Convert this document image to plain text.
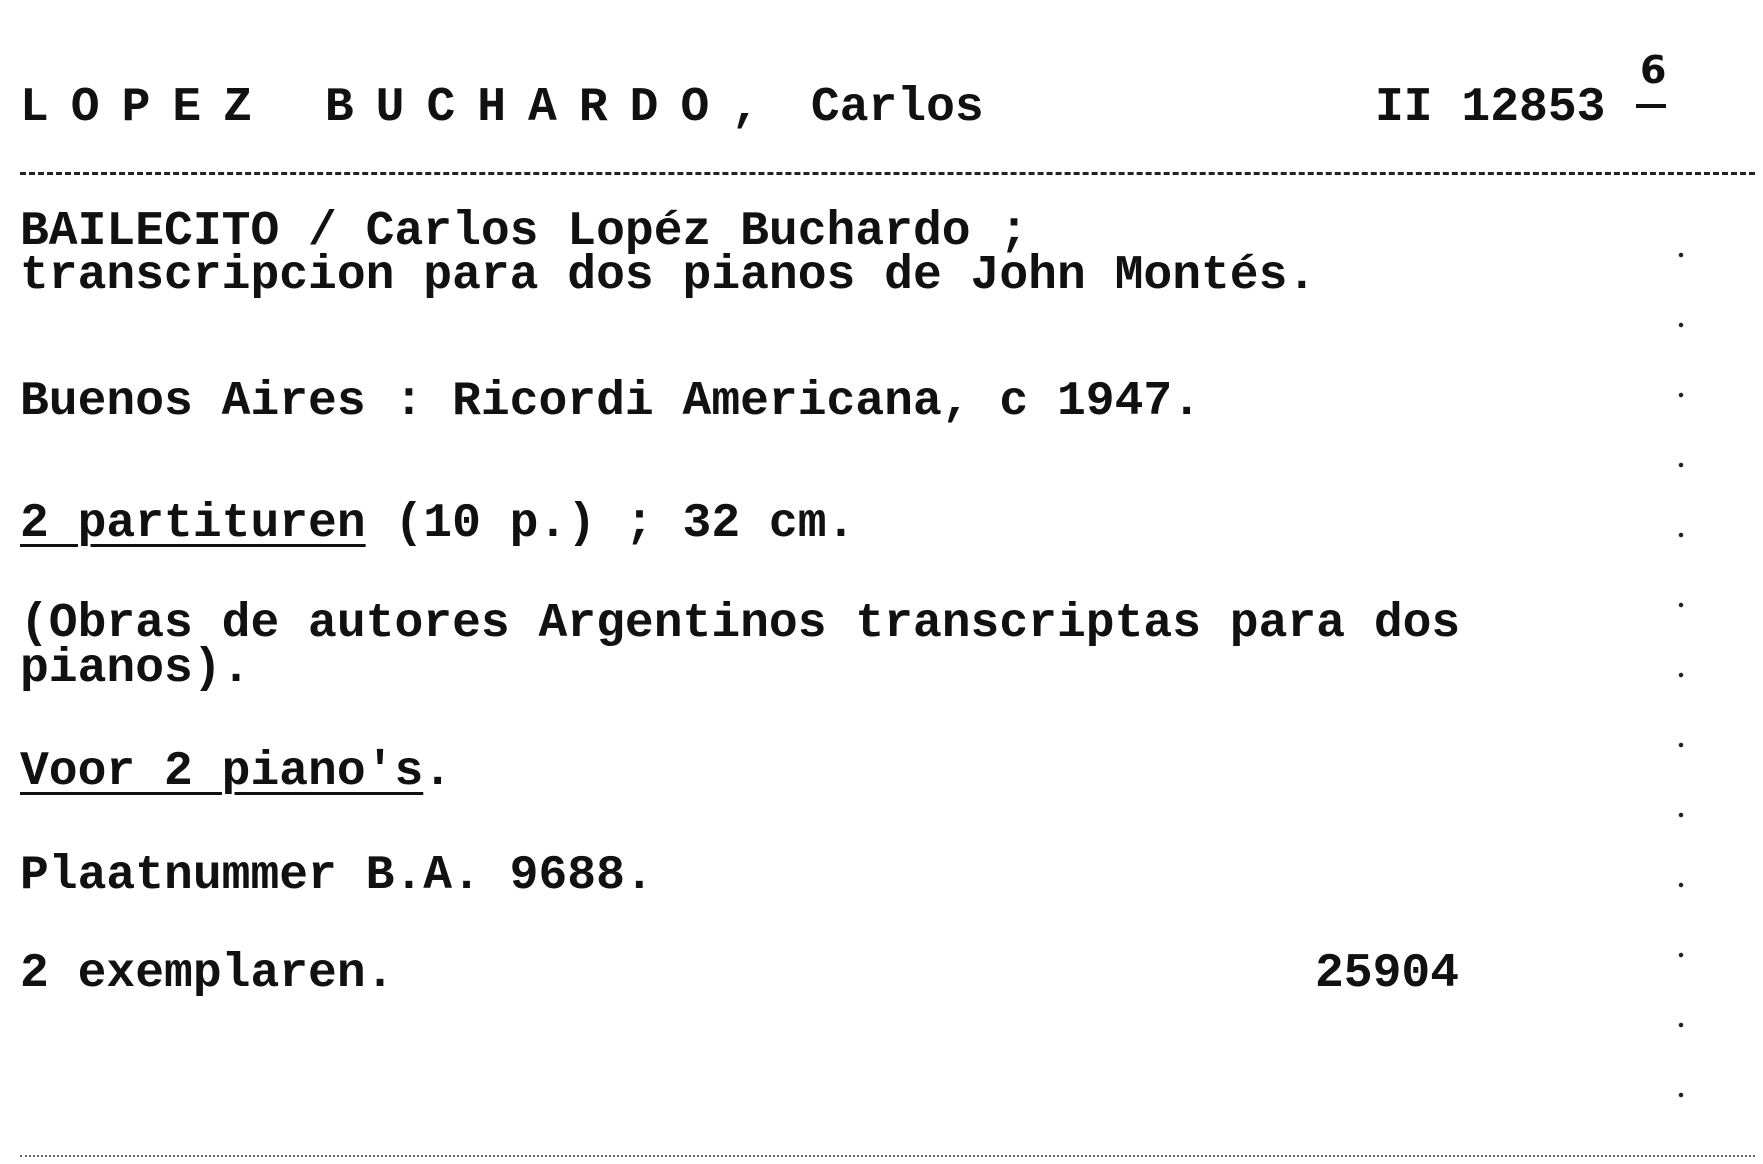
LOPEZ BUCHARDO, Carlos	II 12853
6
BAILECITO / Carlos Lopéz Buchardo ;
transcripcion para dos pianos de John Montés.
Buenos Aires : Ricordi Americana, c 1947.
2 partituren (10 p.) ; 32 cm.
(Obras de autores Argentinos transcriptas para dos
pianos).
Voor 2 piano's.
Plaatnummer B.A. 9688.
2 exemplaren.	25904
